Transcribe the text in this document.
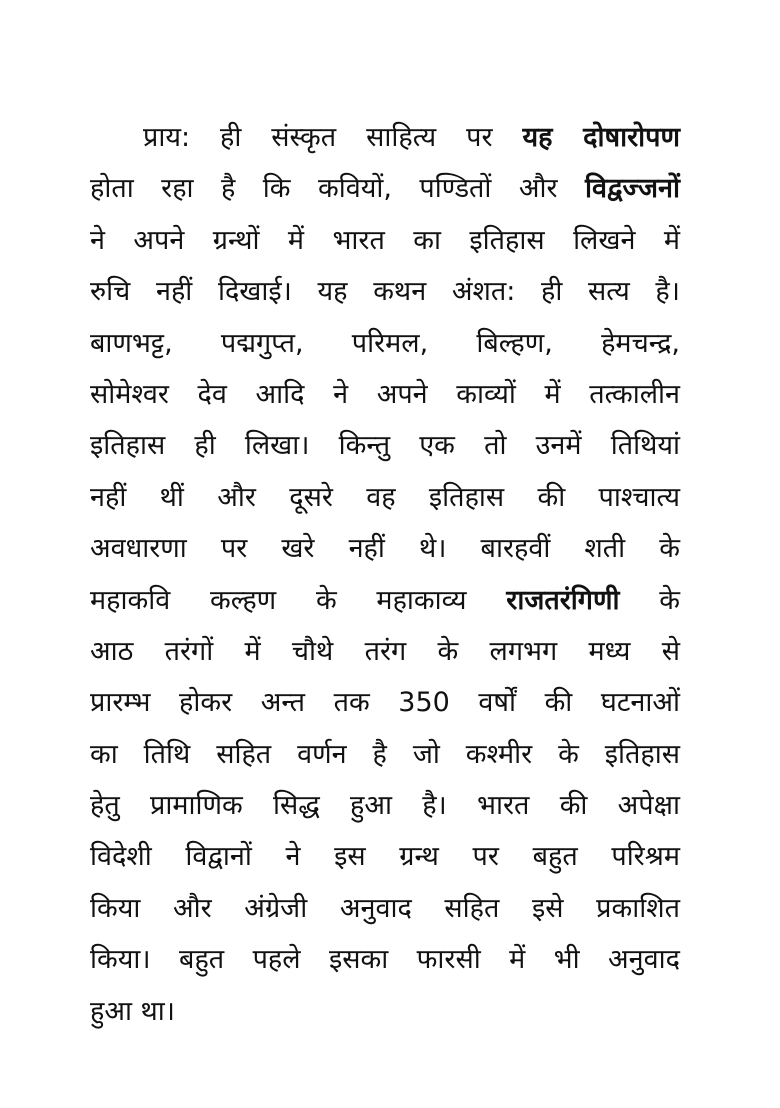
प्राय: ही संस्कृत साहित्य पर यह दोषारोपण
होता रहा है कि कवियों, पण्डितों और विद्वज्जनों
ने अपने ग्रन्थों में भारत का इतिहास लिखने में
रुचि नहीं दिखाई। यह कथन अंशत: ही सत्य है।
बाणभट्ट, पद्मगुप्त, परिमल, बिल्हण, हेमचन्द्र,
सोमेश्वर देव आदि ने अपने काव्यों में तत्कालीन
इतिहास ही लिखा। किन्तु एक तो उनमें तिथियां
नहीं थीं और दूसरे वह इतिहास की पाश्चात्य
अवधारणा पर खरे नहीं थे। बारहवीं शती के
महाकवि कल्हण के महाकाव्य राजतरंगिणी के
आठ तरंगों में चौथे तरंग के लगभग मध्य से
प्रारम्भ होकर अन्त तक 350 वर्षों की घटनाओं
का तिथि सहित वर्णन है जो कश्मीर के इतिहास
हेतु प्रामाणिक सिद्ध हुआ है। भारत की अपेक्षा
विदेशी विद्वानों ने इस ग्रन्थ पर बहुत परिश्रम
किया और अंग्रेजी अनुवाद सहित इसे प्रकाशित
किया। बहुत पहले इसका फारसी में भी अनुवाद
हुआ था।
